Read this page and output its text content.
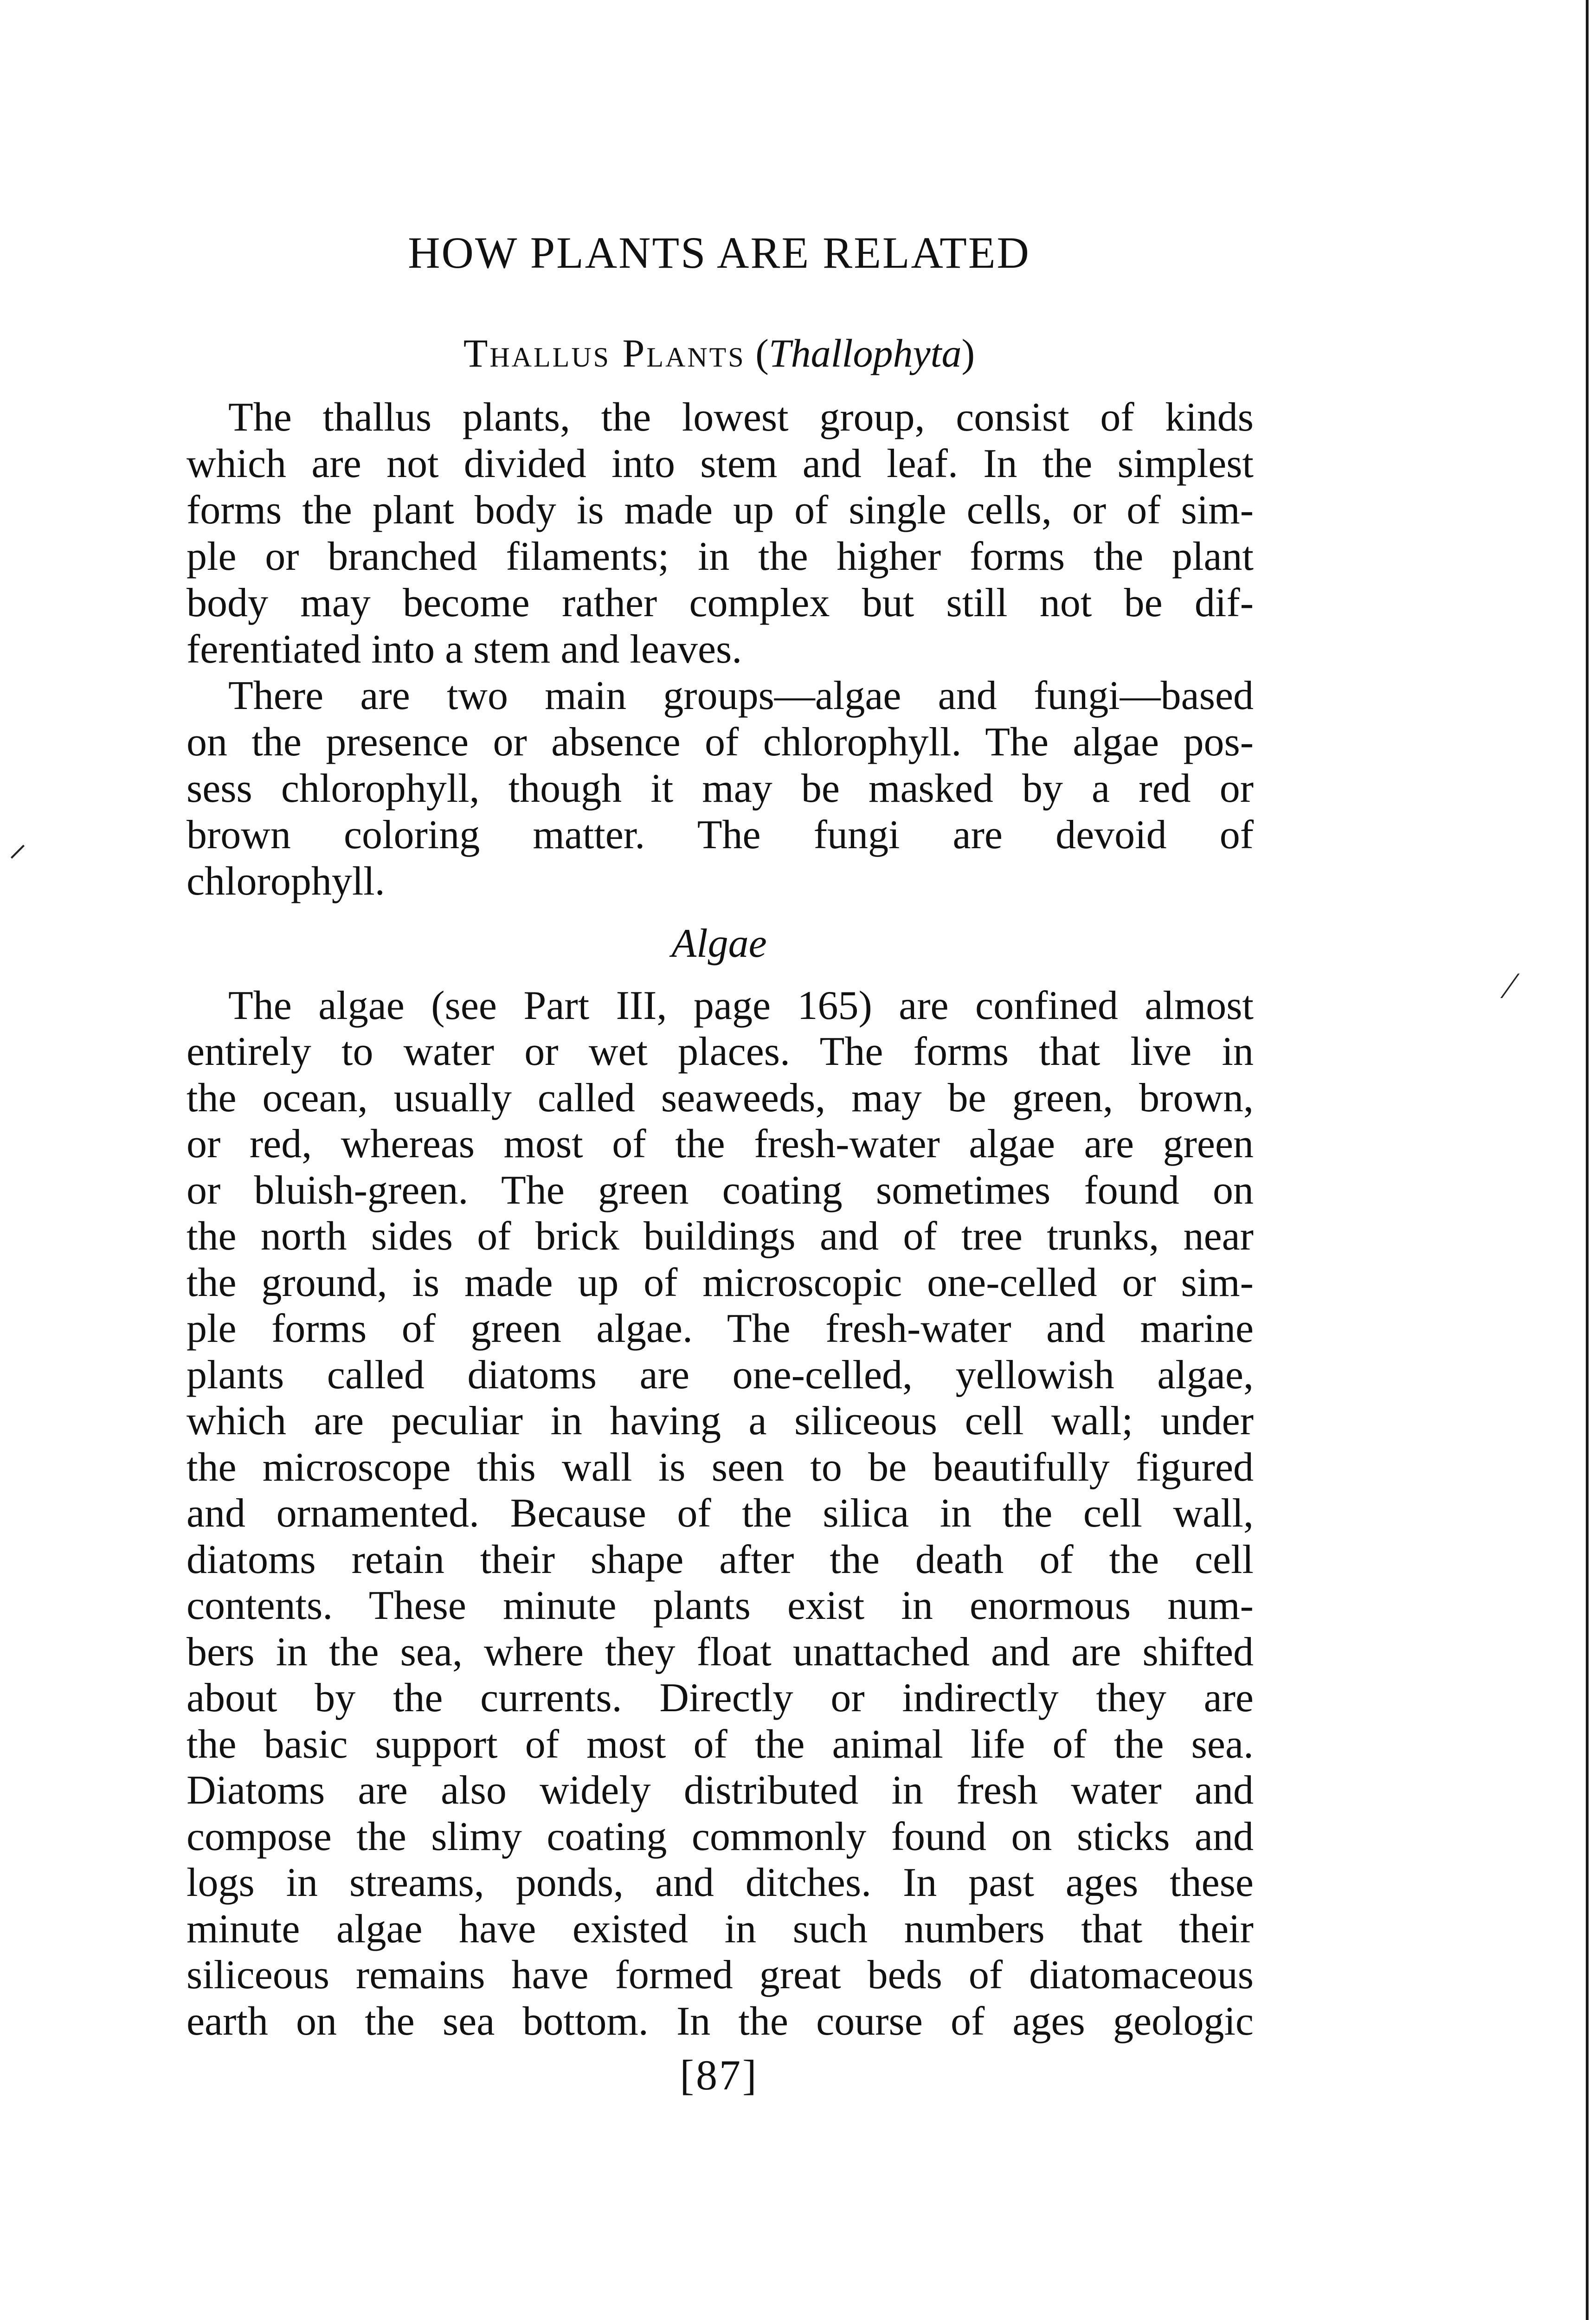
HOW PLANTS ARE RELATED
Thallus Plants (Thallophyta)
The thallus plants, the lowest group, consist of kinds
which are not divided into stem and leaf. In the simplest
forms the plant body is made up of single cells, or of sim-
ple or branched filaments; in the higher forms the plant
body may become rather complex but still not be dif-
ferentiated into a stem and leaves.
There are two main groups—algae and fungi—based
on the presence or absence of chlorophyll. The algae pos-
sess chlorophyll, though it may be masked by a red or
brown coloring matter. The fungi are devoid of
chlorophyll.
Algae
The algae (see Part III, page 165) are confined almost
entirely to water or wet places. The forms that live in
the ocean, usually called seaweeds, may be green, brown,
or red, whereas most of the fresh-water algae are green
or bluish-green. The green coating sometimes found on
the north sides of brick buildings and of tree trunks, near
the ground, is made up of microscopic one-celled or sim-
ple forms of green algae. The fresh-water and marine
plants called diatoms are one-celled, yellowish algae,
which are peculiar in having a siliceous cell wall; under
the microscope this wall is seen to be beautifully figured
and ornamented. Because of the silica in the cell wall,
diatoms retain their shape after the death of the cell
contents. These minute plants exist in enormous num-
bers in the sea, where they float unattached and are shifted
about by the currents. Directly or indirectly they are
the basic support of most of the animal life of the sea.
Diatoms are also widely distributed in fresh water and
compose the slimy coating commonly found on sticks and
logs in streams, ponds, and ditches. In past ages these
minute algae have existed in such numbers that their
siliceous remains have formed great beds of diatomaceous
earth on the sea bottom. In the course of ages geologic
[87]
⸝
⁄
